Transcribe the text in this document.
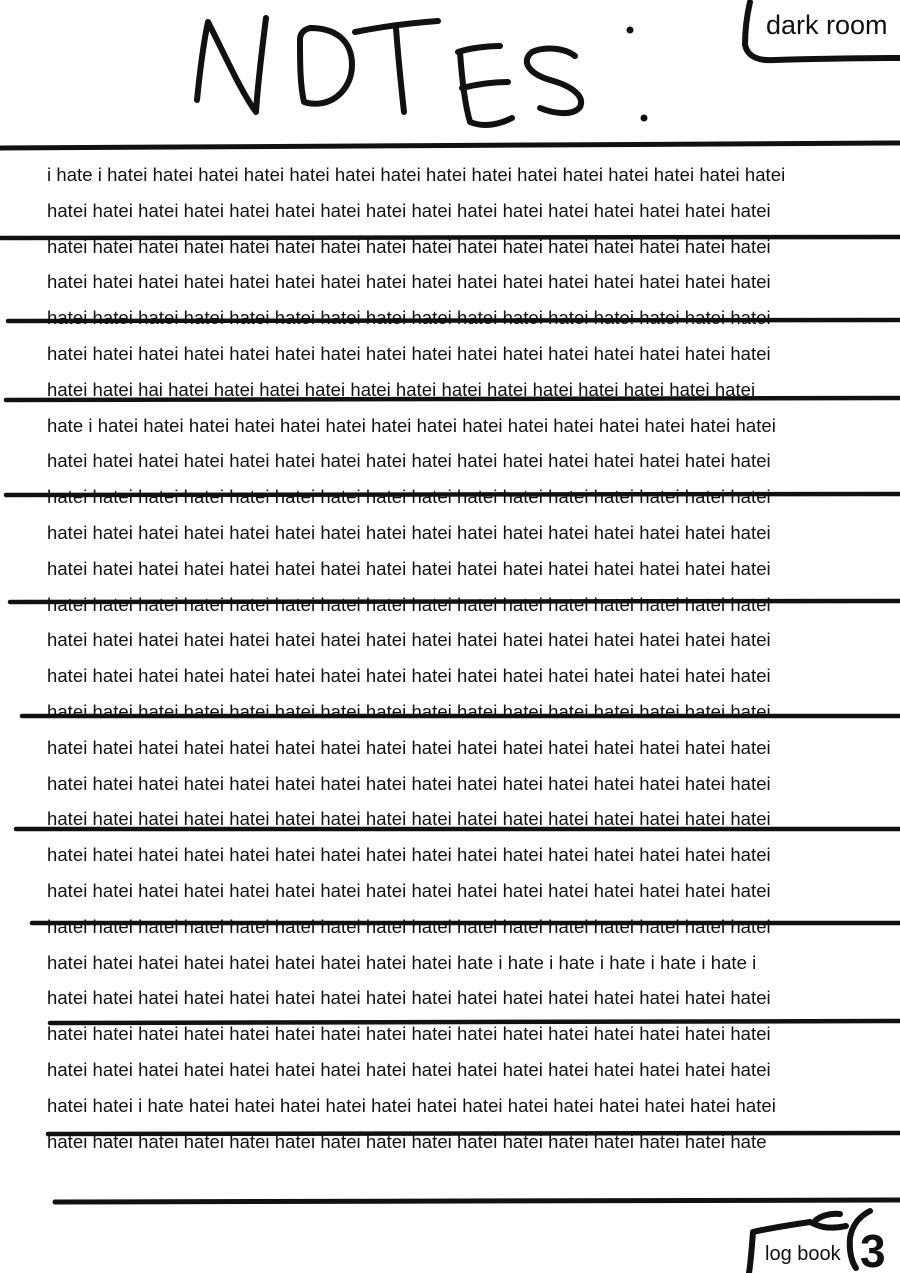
dark room
i hate i hatei hatei hatei hatei hatei hatei hatei hatei hatei hatei hatei hatei hatei hatei hatei
hatei hatei hatei hatei hatei hatei hatei hatei hatei hatei hatei hatei hatei hatei hatei hatei
hatei hatei hatei hatei hatei hatei hatei hatei hatei hatei hatei hatei hatei hatei hatei hatei
hatei hatei hatei hatei hatei hatei hatei hatei hatei hatei hatei hatei hatei hatei hatei hatei
hatei hatei hatei hatei hatei hatei hatei hatei hatei hatei hatei hatei hatei hatei hatei hatei
hatei hatei hatei hatei hatei hatei hatei hatei hatei hatei hatei hatei hatei hatei hatei hatei
hatei hatei hai hatei hatei hatei hatei hatei hatei hatei hatei hatei hatei hatei hatei hatei
hate i hatei hatei hatei hatei hatei hatei hatei hatei hatei hatei hatei hatei hatei hatei hatei
hatei hatei hatei hatei hatei hatei hatei hatei hatei hatei hatei hatei hatei hatei hatei hatei
hatei hatei hatei hatei hatei hatei hatei hatei hatei hatei hatei hatei hatei hatei hatei hatei
hatei hatei hatei hatei hatei hatei hatei hatei hatei hatei hatei hatei hatei hatei hatei hatei
hatei hatei hatei hatei hatei hatei hatei hatei hatei hatei hatei hatei hatei hatei hatei hatei
hatei hatei hatei hatei hatei hatei hatei hatei hatei hatei hatei hatei hatei hatei hatei hatei
hatei hatei hatei hatei hatei hatei hatei hatei hatei hatei hatei hatei hatei hatei hatei hatei
hatei hatei hatei hatei hatei hatei hatei hatei hatei hatei hatei hatei hatei hatei hatei hatei
hatei hatei hatei hatei hatei hatei hatei hatei hatei hatei hatei hatei hatei hatei hatei hatei
hatei hatei hatei hatei hatei hatei hatei hatei hatei hatei hatei hatei hatei hatei hatei hatei
hatei hatei hatei hatei hatei hatei hatei hatei hatei hatei hatei hatei hatei hatei hatei hatei
hatei hatei hatei hatei hatei hatei hatei hatei hatei hatei hatei hatei hatei hatei hatei hatei
hatei hatei hatei hatei hatei hatei hatei hatei hatei hatei hatei hatei hatei hatei hatei hatei
hatei hatei hatei hatei hatei hatei hatei hatei hatei hatei hatei hatei hatei hatei hatei hatei
hatei hatei hatei hatei hatei hatei hatei hatei hatei hatei hatei hatei hatei hatei hatei hatei
hatei hatei hatei hatei hatei hatei hatei hatei hatei hate i hate i hate i hate i hate i hate i
hatei hatei hatei hatei hatei hatei hatei hatei hatei hatei hatei hatei hatei hatei hatei hatei
hatei hatei hatei hatei hatei hatei hatei hatei hatei hatei hatei hatei hatei hatei hatei hatei
hatei hatei hatei hatei hatei hatei hatei hatei hatei hatei hatei hatei hatei hatei hatei hatei
hatei hatei i hate hatei hatei hatei hatei hatei hatei hatei hatei hatei hatei hatei hatei hatei
hatei hatei hatei hatei hatei hatei hatei hatei hatei hatei hatei hatei hatei hatei hatei hate
log book 3
